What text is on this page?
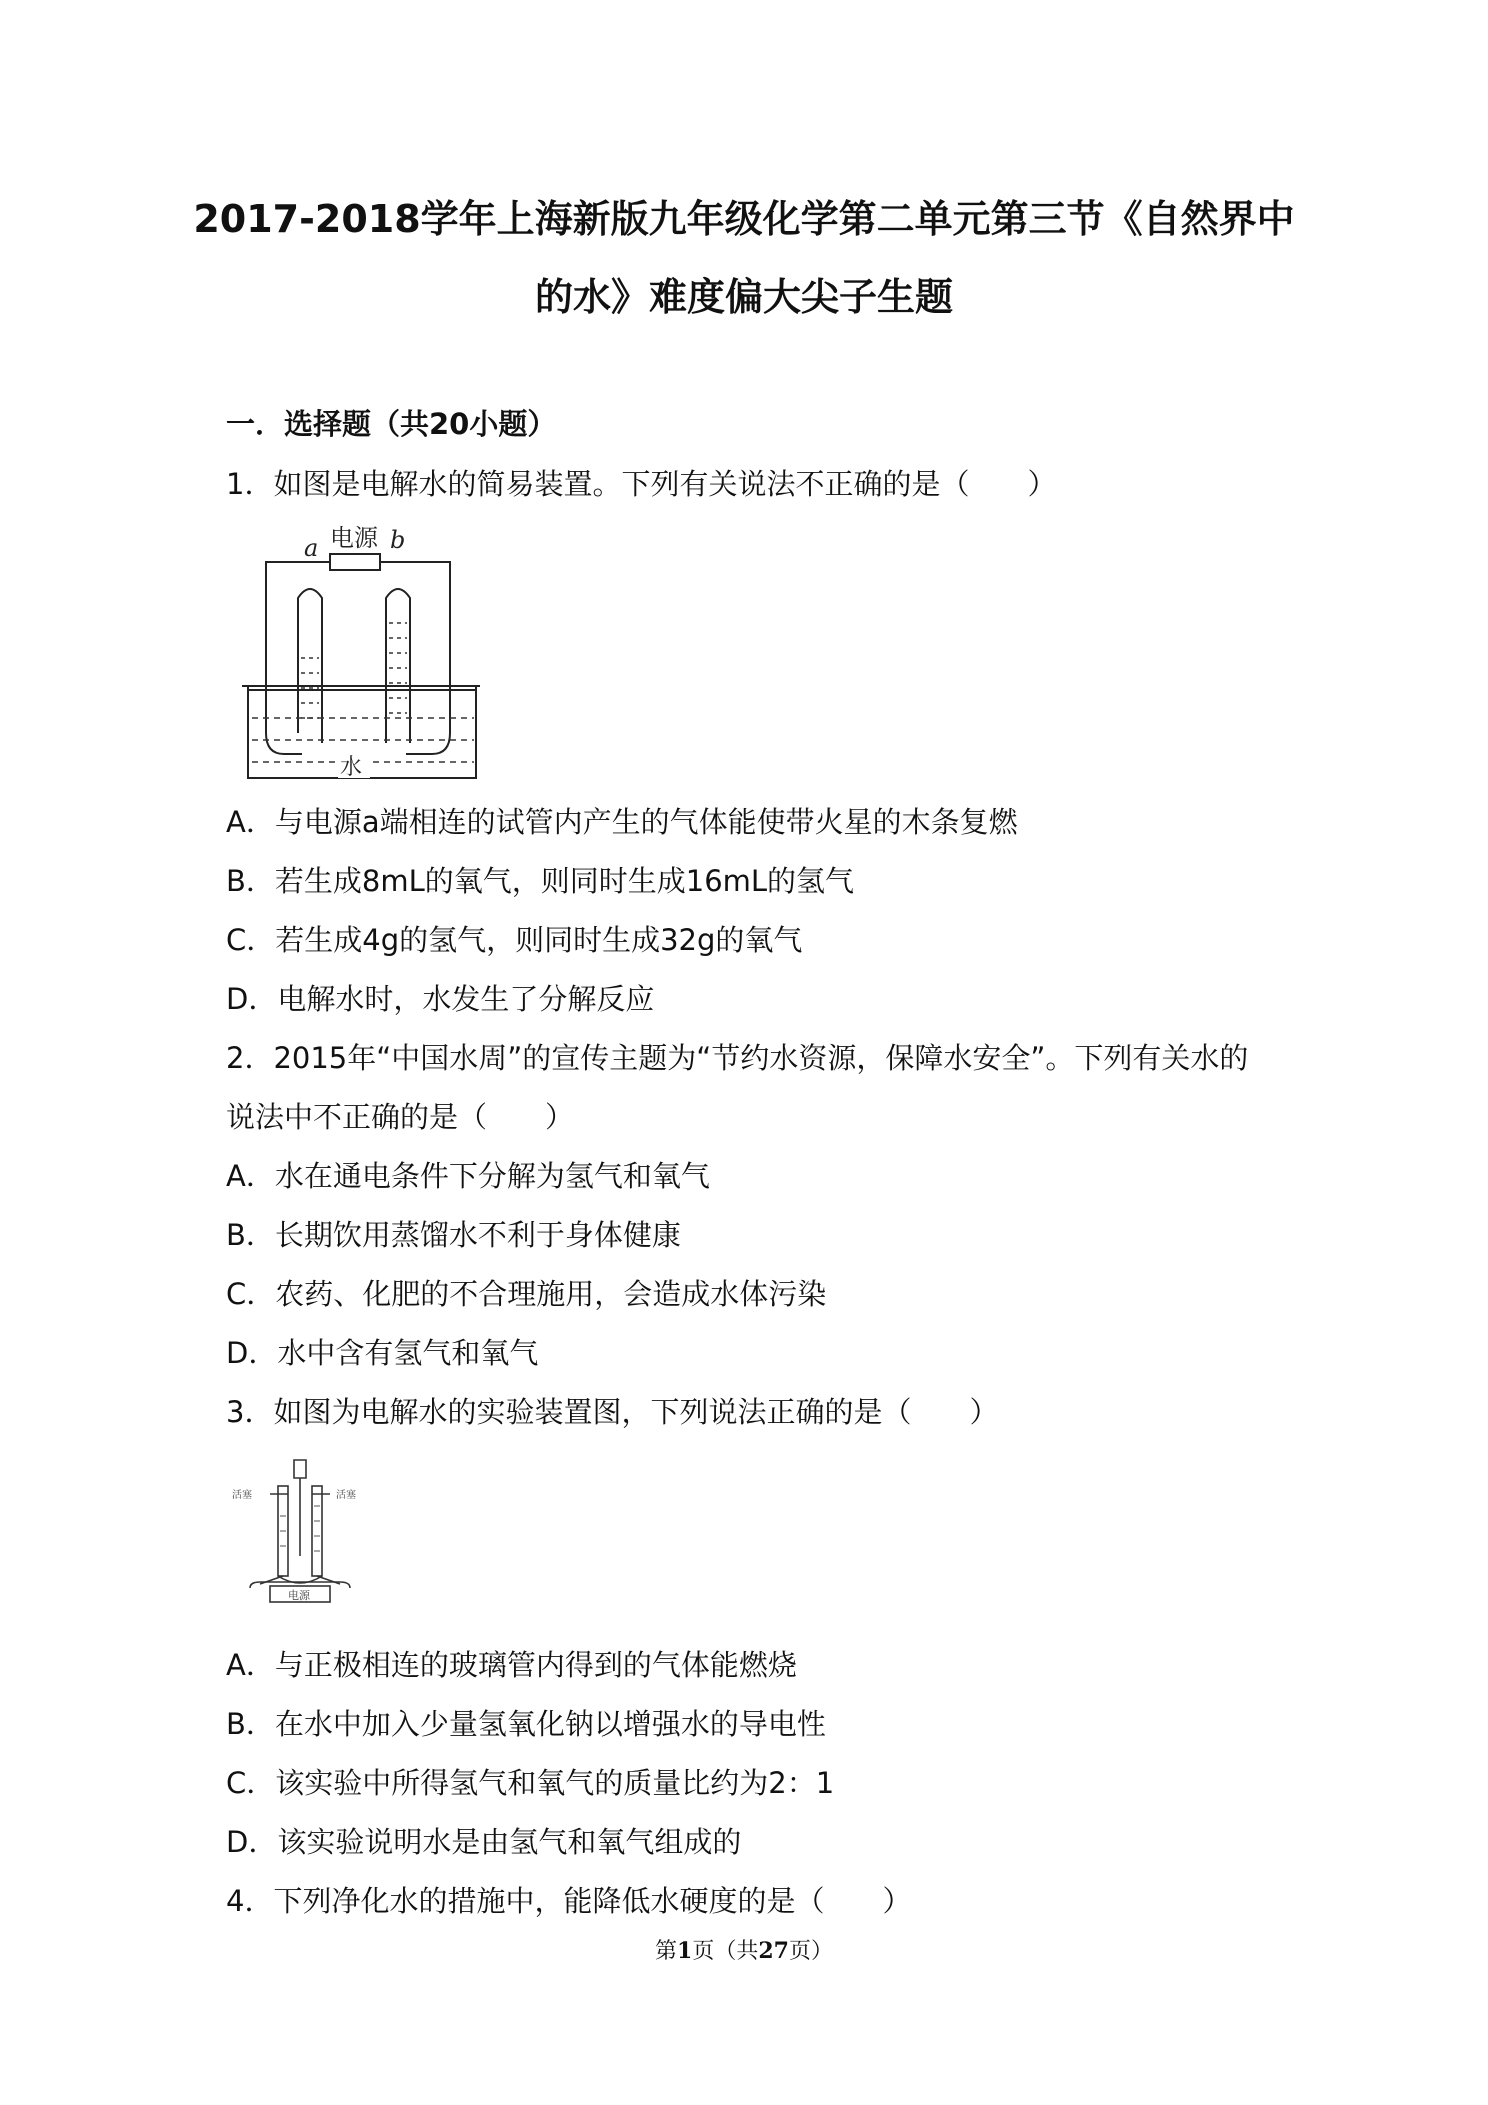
2017-2018学年上海新版九年级化学第二单元第三节《自然界中
的水》难度偏大尖子生题
一．选择题（共20小题）
1．如图是电解水的简易装置。下列有关说法不正确的是（　　）
电源
a	b
水
A．与电源a端相连的试管内产生的气体能使带火星的木条复燃
B．若生成8mL的氧气，则同时生成16mL的氢气
C．若生成4g的氢气，则同时生成32g的氧气
D．电解水时，水发生了分解反应
2．2015年“中国水周”的宣传主题为“节约水资源，保障水安全”。下列有关水的
说法中不正确的是（　　）
A．水在通电条件下分解为氢气和氧气
B．长期饮用蒸馏水不利于身体健康
C．农药、化肥的不合理施用，会造成水体污染
D．水中含有氢气和氧气
3．如图为电解水的实验装置图，下列说法正确的是（　　）
活塞	活塞
电源
A．与正极相连的玻璃管内得到的气体能燃烧
B．在水中加入少量氢氧化钠以增强水的导电性
C．该实验中所得氢气和氧气的质量比约为2：1
D．该实验说明水是由氢气和氧气组成的
4．下列净化水的措施中，能降低水硬度的是（　　）
第1页（共27页）
